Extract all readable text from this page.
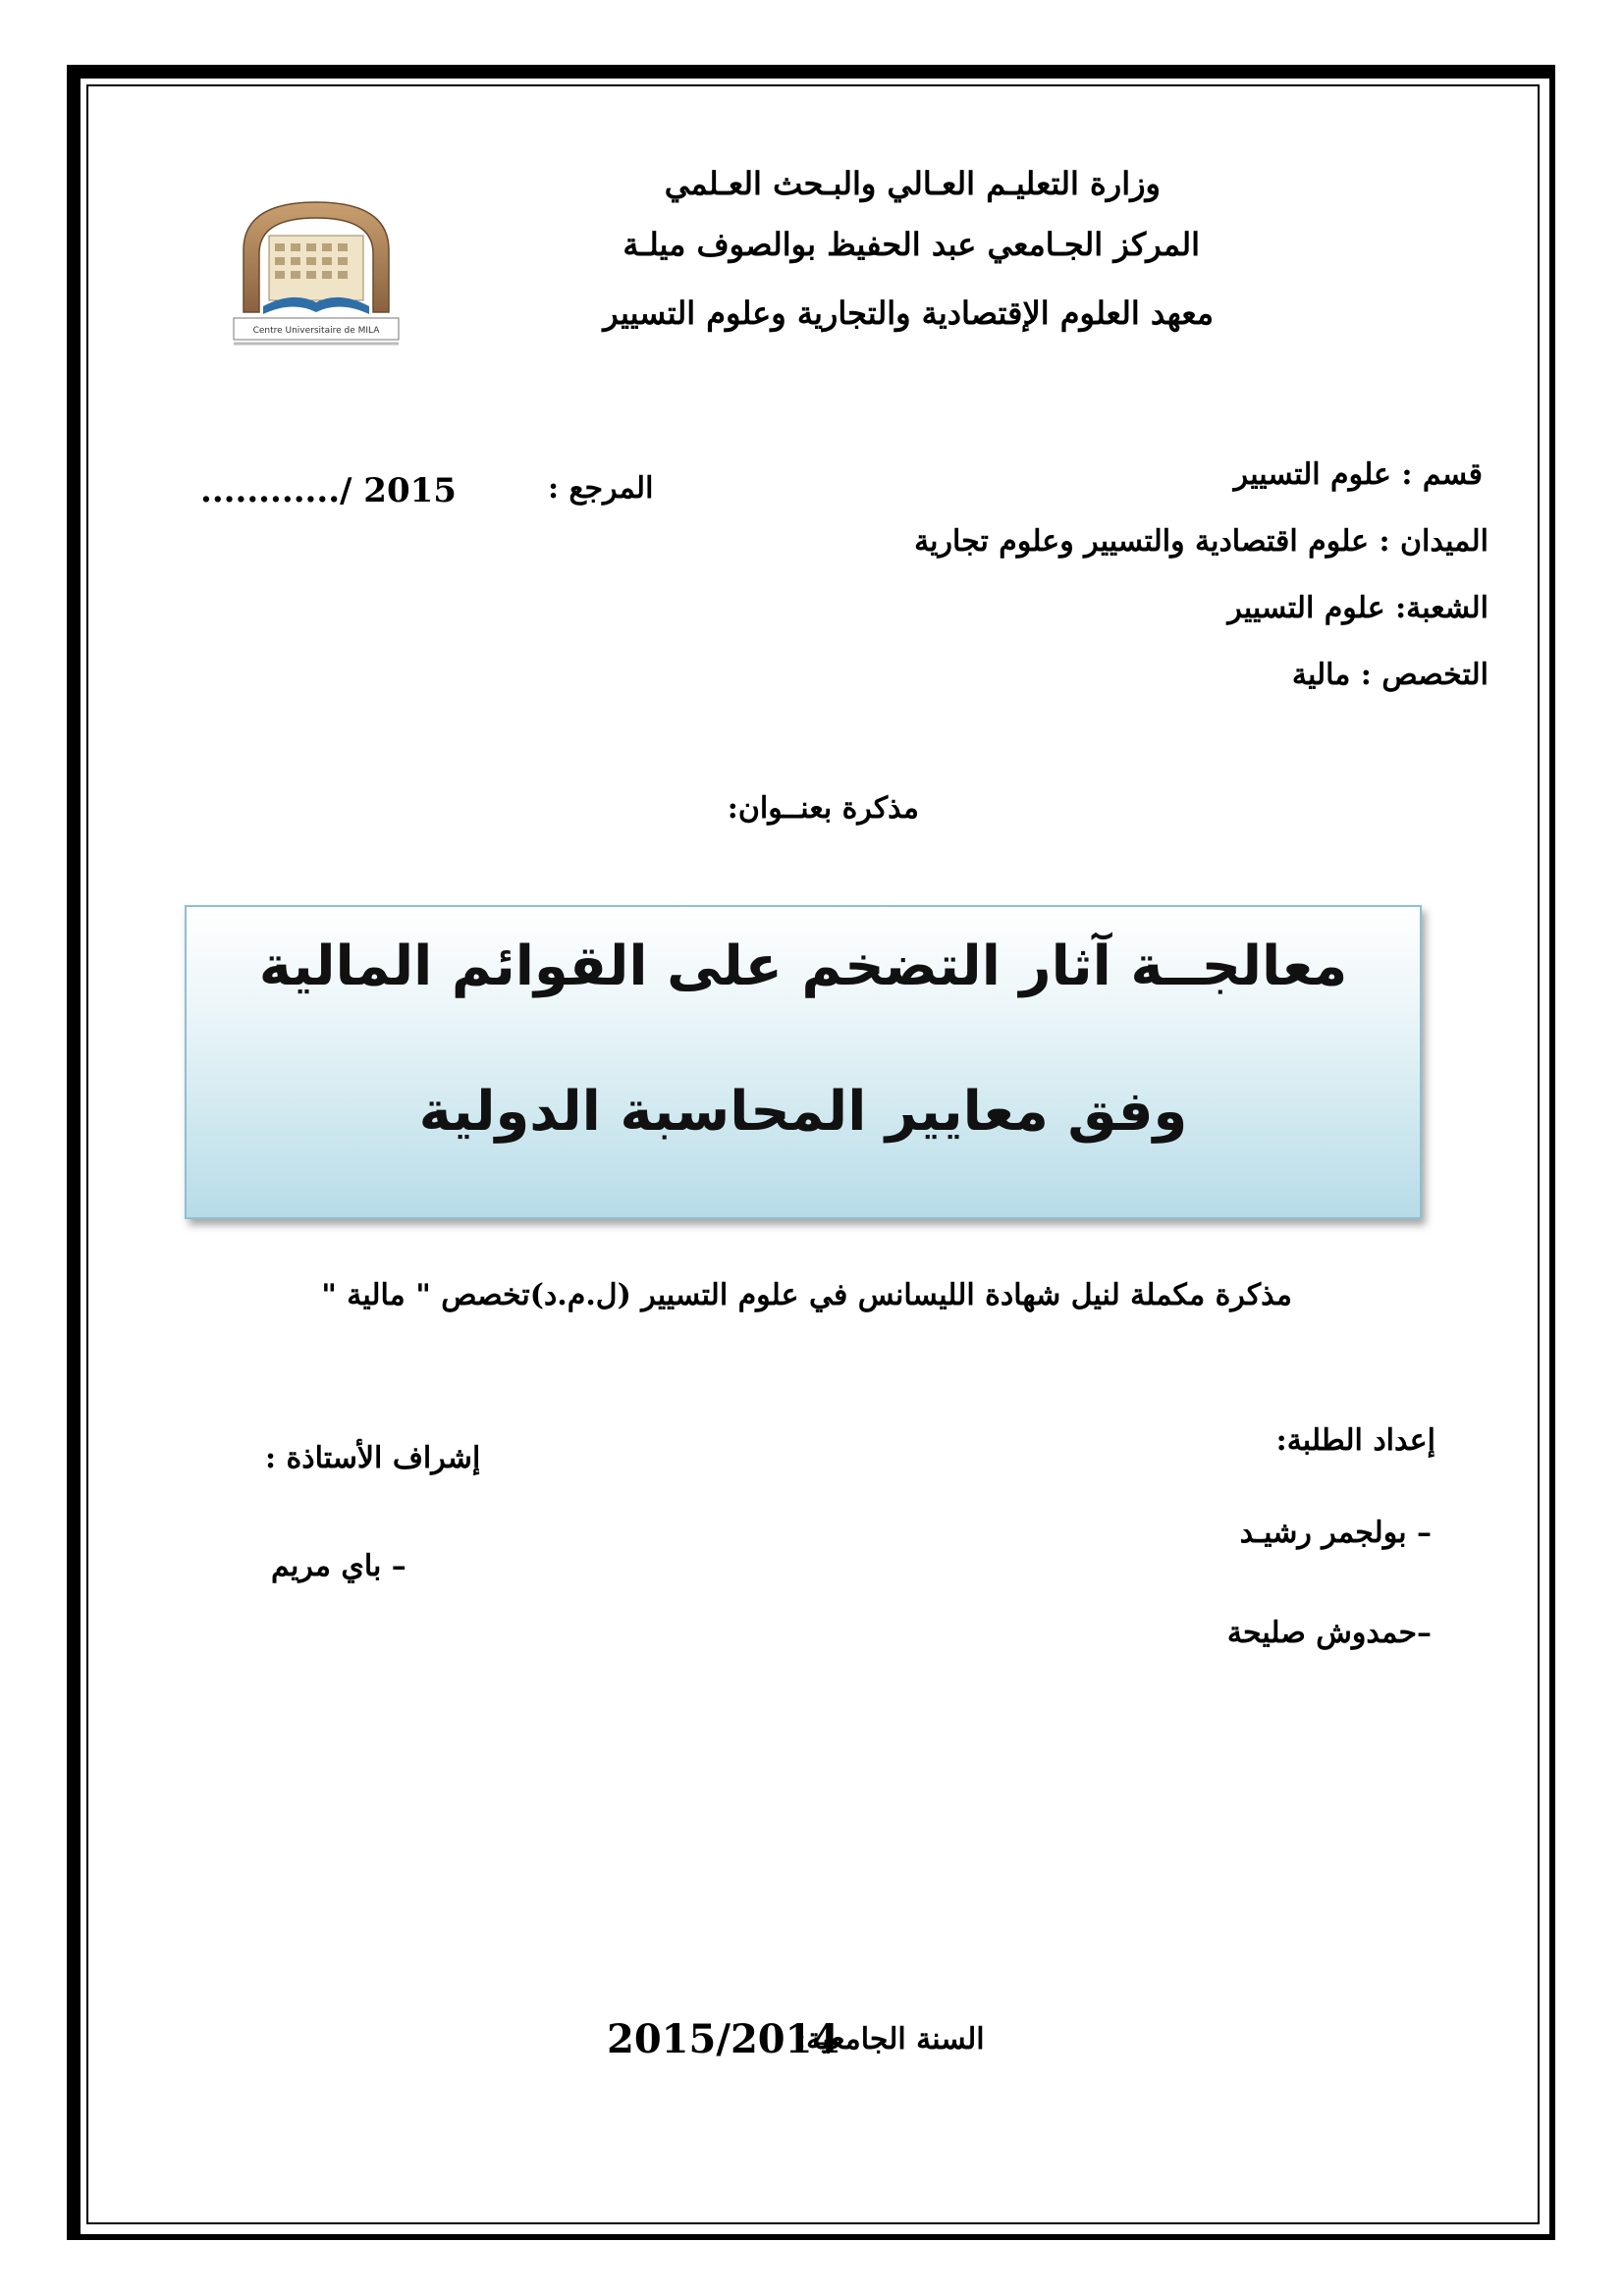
وزارة التعليـم العـالي والبـحث العـلمي
المركز الجـامعي عبد الحفيظ بوالصوف ميلـة
معهد العلوم الإقتصادية والتجارية وعلوم التسيير
Centre Universitaire de MILA
المرجع :
............/ 2015	قسم : علوم التسيير
الميدان : علوم اقتصادية والتسيير وعلوم تجارية
الشعبة: علوم التسيير
التخصص : مالية
مذكرة بعنــوان:
معالجــة آثار التضخم على القوائم المالية
وفق معايير المحاسبة الدولية
مذكرة مكملة لنيل شهادة الليسانس في علوم التسيير (ل.م.د)تخصص " مالية "
إعداد الطلبة:
– بولجمر رشيـد
–حمدوش صليحة
إشراف الأستاذة :
– باي مريم
السنة الجامعية:
2015/2014
